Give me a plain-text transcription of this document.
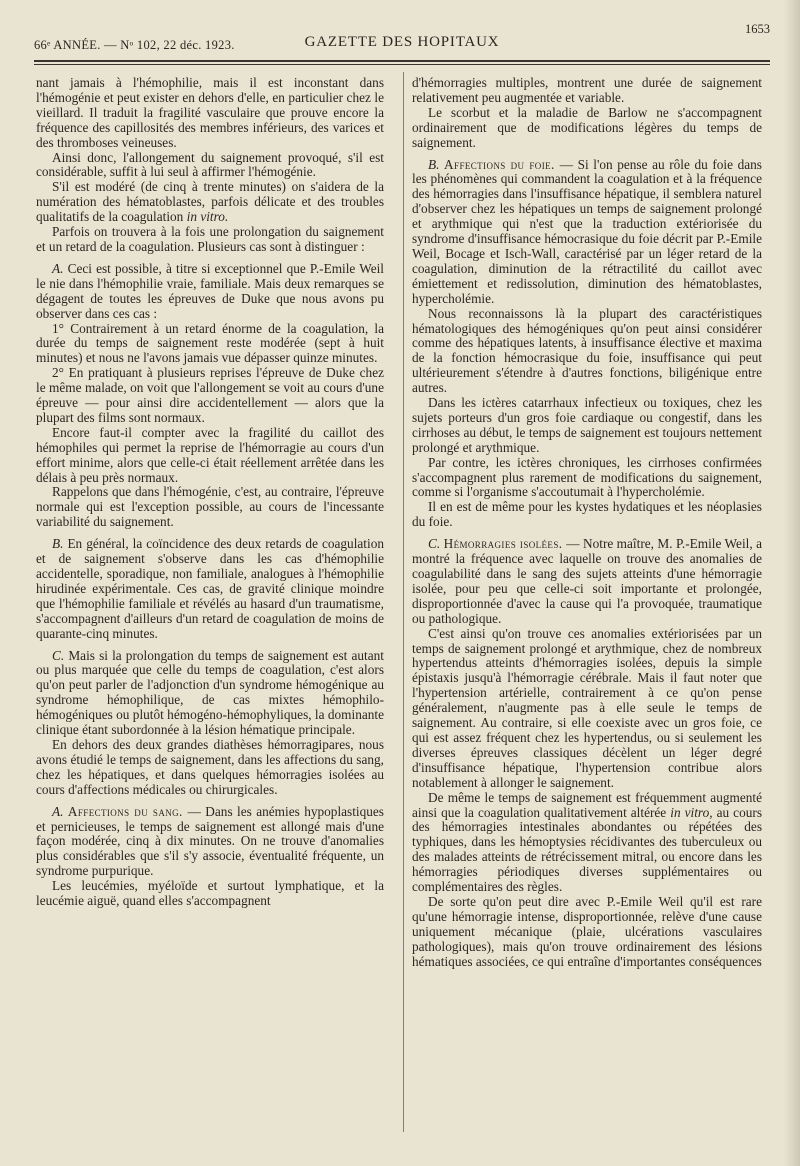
66ᵉ ANNÉE. — Nᵒ 102, 22 déc. 1923.	GAZETTE DES HOPITAUX
1653

nant jamais à l'hémophilie, mais il est inconstant dans l'hémogénie et peut exister en dehors d'elle, en particulier chez le vieillard. Il traduit la fragilité vasculaire que prouve encore la fréquence des capillosités des membres inférieurs, des varices et des thromboses veineuses.

Ainsi donc, l'allongement du saignement provoqué, s'il est considérable, suffit à lui seul à affirmer l'hémogénie.

S'il est modéré (de cinq à trente minutes) on s'aidera de la numération des hématoblastes, parfois délicate et des troubles qualitatifs de la coagulation in vitro.

Parfois on trouvera à la fois une prolongation du saignement et un retard de la coagulation. Plusieurs cas sont à distinguer :

A. Ceci est possible, à titre si exceptionnel que P.-Emile Weil le nie dans l'hémophilie vraie, familiale. Mais deux remarques se dégagent de toutes les épreuves de Duke que nous avons pu observer dans ces cas :

1° Contrairement à un retard énorme de la coagulation, la durée du temps de saignement reste modérée (sept à huit minutes) et nous ne l'avons jamais vue dépasser quinze minutes.

2° En pratiquant à plusieurs reprises l'épreuve de Duke chez le même malade, on voit que l'allongement se voit au cours d'une épreuve — pour ainsi dire accidentellement — alors que la plupart des films sont normaux.

Encore faut-il compter avec la fragilité du caillot des hémophiles qui permet la reprise de l'hémorragie au cours d'un effort minime, alors que celle-ci était réellement arrêtée dans les délais à peu près normaux.

Rappelons que dans l'hémogénie, c'est, au contraire, l'épreuve normale qui est l'exception possible, au cours de l'incessante variabilité du saignement.

B. En général, la coïncidence des deux retards de coagulation et de saignement s'observe dans les cas d'hémophilie accidentelle, sporadique, non familiale, analogues à l'hémophilie hirudinée expérimentale. Ces cas, de gravité clinique moindre que l'hémophilie familiale et révélés au hasard d'un traumatisme, s'accompagnent d'ailleurs d'un retard de coagulation de moins de quarante-cinq minutes.

C. Mais si la prolongation du temps de saignement est autant ou plus marquée que celle du temps de coagulation, c'est alors qu'on peut parler de l'adjonction d'un syndrome hémogénique au syndrome hémophilique, de cas mixtes hémophilo-hémogéniques ou plutôt hémogéno-hémophyliques, la dominante clinique étant subordonnée à la lésion hématique principale.

En dehors des deux grandes diathèses hémorragipares, nous avons étudié le temps de saignement, dans les affections du sang, chez les hépatiques, et dans quelques hémorragies isolées au cours d'affections médicales ou chirurgicales.

A. Affections du sang. — Dans les anémies hypoplastiques et pernicieuses, le temps de saignement est allongé mais d'une façon modérée, cinq à dix minutes. On ne trouve d'anomalies plus considérables que s'il s'y associe, éventualité fréquente, un syndrome purpurique.

Les leucémies, myéloïde et surtout lymphatique, et la leucémie aiguë, quand elles s'accompagnent

d'hémorragies multiples, montrent une durée de saignement relativement peu augmentée et variable.

Le scorbut et la maladie de Barlow ne s'accompagnent ordinairement que de modifications légères du temps de saignement.

B. Affections du foie. — Si l'on pense au rôle du foie dans les phénomènes qui commandent la coagulation et à la fréquence des hémorragies dans l'insuffisance hépatique, il semblera naturel d'observer chez les hépatiques un temps de saignement prolongé et arythmique qui n'est que la traduction extériorisée du syndrome d'insuffisance hémocrasique du foie décrit par P.-Emile Weil, Bocage et Isch-Wall, caractérisé par un léger retard de la coagulation, diminution de la rétractilité du caillot avec émiettement et redissolution, diminution des hématoblastes, hypercholémie.

Nous reconnaissons là la plupart des caractéristiques hématologiques des hémogéniques qu'on peut ainsi considérer comme des hépatiques latents, à insuffisance élective et maxima de la fonction hémocrasique du foie, insuffisance qui peut ultérieurement s'étendre à d'autres fonctions, biligénique entre autres.

Dans les ictères catarrhaux infectieux ou toxiques, chez les sujets porteurs d'un gros foie cardiaque ou congestif, dans les cirrhoses au début, le temps de saignement est toujours nettement prolongé et arythmique.

Par contre, les ictères chroniques, les cirrhoses confirmées s'accompagnent plus rarement de modifications du saignement, comme si l'organisme s'accoutumait à l'hypercholémie.

Il en est de même pour les kystes hydatiques et les néoplasies du foie.

C. Hémorragies isolées. — Notre maître, M. P.-Emile Weil, a montré la fréquence avec laquelle on trouve des anomalies de coagulabilité dans le sang des sujets atteints d'une hémorragie isolée, pour peu que celle-ci soit importante et prolongée, disproportionnée d'avec la cause qui l'a provoquée, traumatique ou pathologique.

C'est ainsi qu'on trouve ces anomalies extériorisées par un temps de saignement prolongé et arythmique, chez de nombreux hypertendus atteints d'hémorragies isolées, depuis la simple épistaxis jusqu'à l'hémorragie cérébrale. Mais il faut noter que l'hypertension artérielle, contrairement à ce qu'on pense généralement, n'augmente pas à elle seule le temps de saignement. Au contraire, si elle coexiste avec un gros foie, ce qui est assez fréquent chez les hypertendus, ou si seulement les diverses épreuves classiques décèlent un léger degré d'insuffisance hépatique, l'hypertension contribue alors notablement à allonger le saignement.

De même le temps de saignement est fréquemment augmenté ainsi que la coagulation qualitativement altérée in vitro, au cours des hémorragies intestinales abondantes ou répétées des typhiques, dans les hémoptysies récidivantes des tuberculeux ou des malades atteints de rétrécissement mitral, ou encore dans les hémorragies périodiques diverses supplémentaires ou complémentaires des règles.

De sorte qu'on peut dire avec P.-Emile Weil qu'il est rare qu'une hémorragie intense, disproportionnée, relève d'une cause uniquement mécanique (plaie, ulcérations vasculaires pathologiques), mais qu'on trouve ordinairement des lésions hématiques associées, ce qui entraîne d'importantes conséquences
